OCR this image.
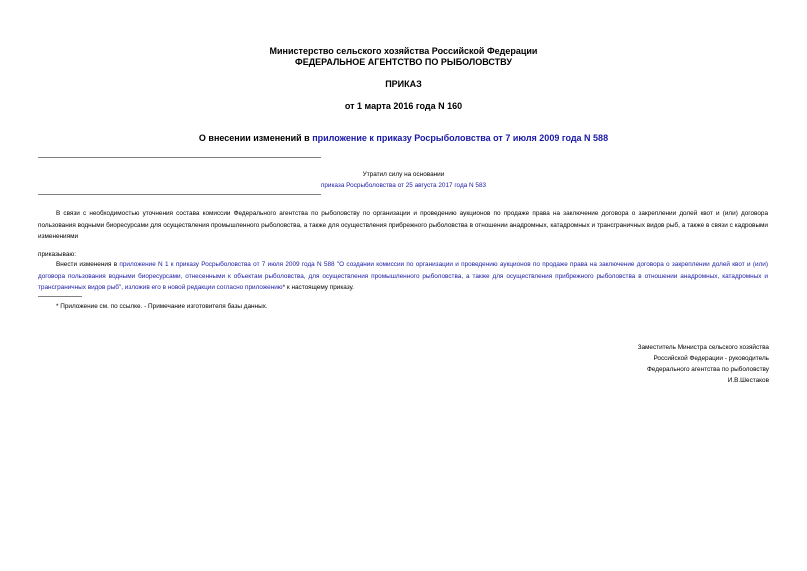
Министерство сельского хозяйства Российской Федерации
ФЕДЕРАЛЬНОЕ АГЕНТСТВО ПО РЫБОЛОВСТВУ
ПРИКАЗ
от 1 марта 2016 года N 160
О внесении изменений в приложение к приказу Росрыболовства от 7 июля 2009 года N 588
Утратил силу на основании
приказа Росрыболовства от 25 августа 2017 года N 583
В связи с необходимостью уточнения состава комиссии Федерального агентства по рыболовству по организации и проведению аукционов по продаже права на заключение договора о закреплении долей квот и (или) договора пользования водными биоресурсами для осуществления промышленного рыболовства, а также для осуществления прибрежного рыболовства в отношении анадромных, катадромных и трансграничных видов рыб, а также в связи с кадровыми изменениями
приказываю:
Внести изменения в приложение N 1 к приказу Росрыболовства от 7 июля 2009 года N 588 "О создании комиссии по организации и проведению аукционов по продаже права на заключение договора о закреплении долей квот и (или) договора пользования водными биоресурсами, отнесенными к объектам рыболовства, для осуществления промышленного рыболовства, а также для осуществления прибрежного рыболовства в отношении анадромных, катадромных и трансграничных видов рыб", изложив его в новой редакции согласно приложению* к настоящему приказу.
* Приложение см. по ссылке. - Примечание изготовителя базы данных.
Заместитель Министра сельского хозяйства
Российской Федерации - руководитель
Федерального агентства по рыболовству
И.В.Шестаков
